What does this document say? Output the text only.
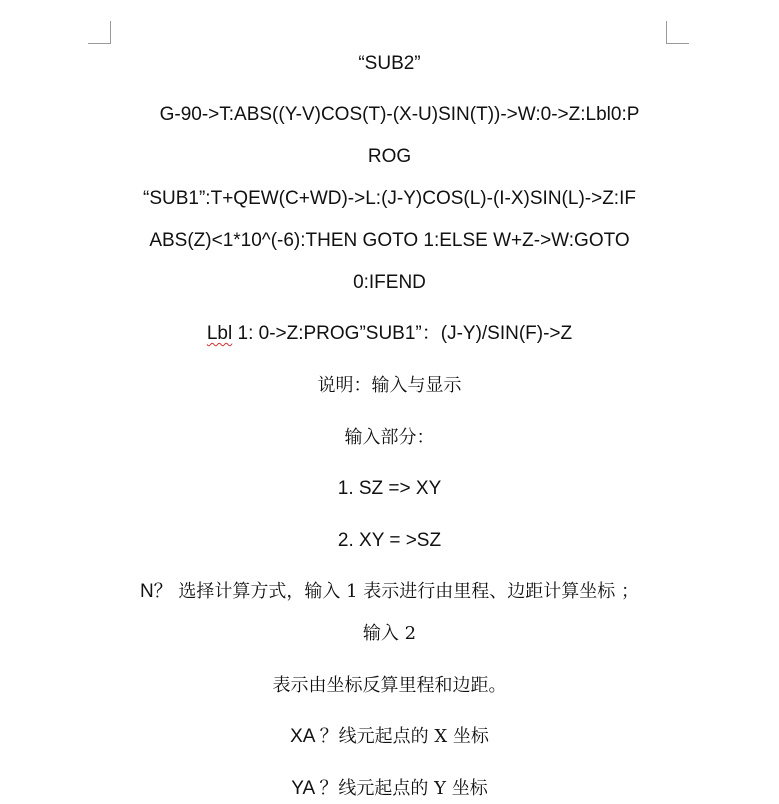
“SUB2”
G-90->T:ABS((Y-V)COS(T)-(X-U)SIN(T))->W:0->Z:Lbl0:P
ROG
“SUB1”:T+QEW(C+WD)->L:(J-Y)COS(L)-(I-X)SIN(L)->Z:IF
ABS(Z)<1*10^(-6):THEN GOTO 1:ELSE W+Z->W:GOTO
0:IFEND
Lbl 1: 0->Z:PROG”SUB1”：(J-Y)/SIN(F)->Z
说明：输入与显示
输入部分：
1. SZ => XY
2. XY = >SZ
N？ 选择计算方式，输入 1 表示进行由里程、边距计算坐标 ；
输入 2
表示由坐标反算里程和边距。
XA ？线元起点的 X 坐标
YA ？线元起点的 Y 坐标
